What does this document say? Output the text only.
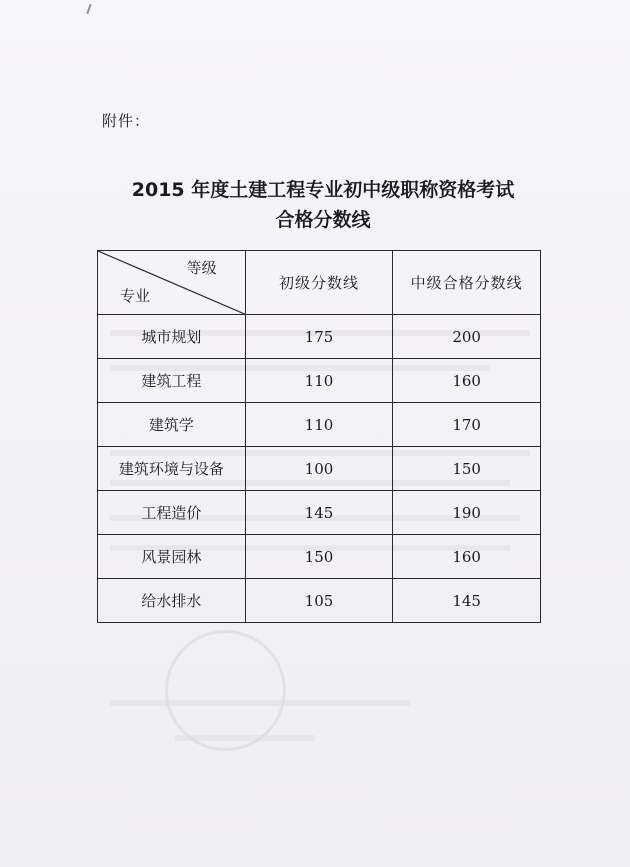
附件：
2015 年度土建工程专业初中级职称资格考试
合格分数线
等级
专业	初级分数线	中级合格分数线
城市规划	175	200
建筑工程	110	160
建筑学	110	170
建筑环境与设备	100	150
工程造价	145	190
风景园林	150	160
给水排水	105	145
